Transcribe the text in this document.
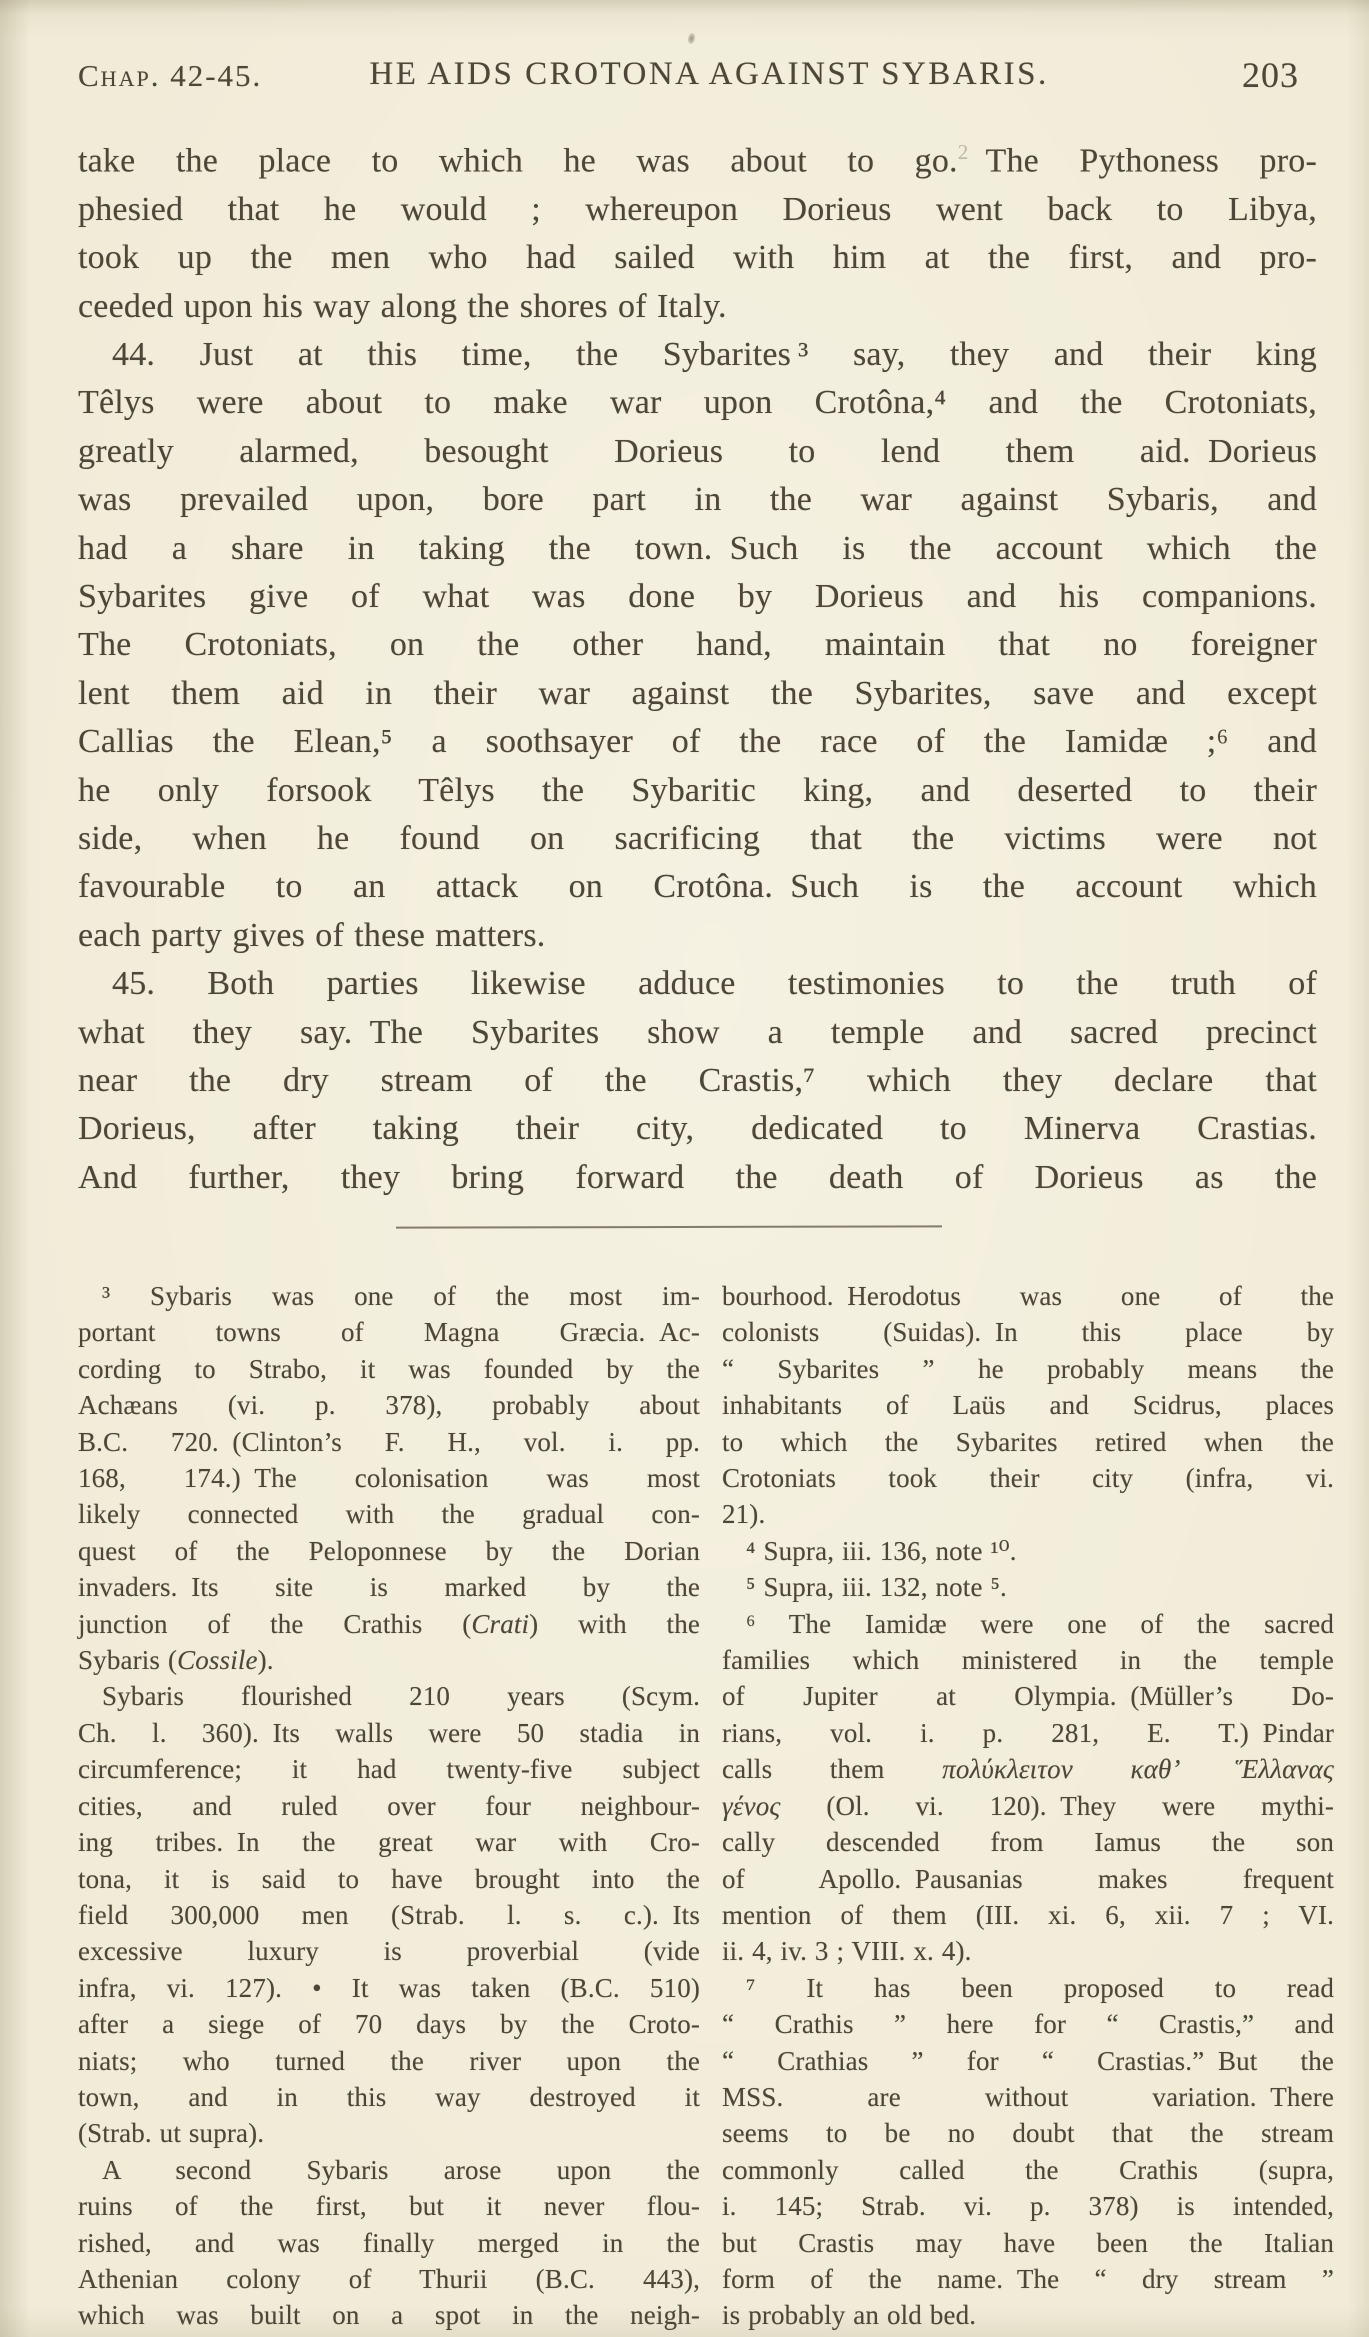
Chap. 42-45.	HE AIDS CROTONA AGAINST SYBARIS.	203
take the place to which he was about to go.$^2$ The Pythoness pro-
phesied that he would ; whereupon Dorieus went back to Libya,
took up the men who had sailed with him at the first, and pro-
ceeded upon his way along the shores of Italy.
44. Just at this time, the Sybarites ³ say, they and their king
Têlys were about to make war upon Crotôna,⁴ and the Crotoniats,
greatly alarmed, besought Dorieus to lend them aid. Dorieus
was prevailed upon, bore part in the war against Sybaris, and
had a share in taking the town. Such is the account which the
Sybarites give of what was done by Dorieus and his companions.
The Crotoniats, on the other hand, maintain that no foreigner
lent them aid in their war against the Sybarites, save and except
Callias the Elean,⁵ a soothsayer of the race of the Iamidæ ;⁶ and
he only forsook Têlys the Sybaritic king, and deserted to their
side, when he found on sacrificing that the victims were not
favourable to an attack on Crotôna. Such is the account which
each party gives of these matters.
45. Both parties likewise adduce testimonies to the truth of
what they say. The Sybarites show a temple and sacred precinct
near the dry stream of the Crastis,⁷ which they declare that
Dorieus, after taking their city, dedicated to Minerva Crastias.
And further, they bring forward the death of Dorieus as the
³ Sybaris was one of the most im-
portant towns of Magna Græcia. Ac-
cording to Strabo, it was founded by the
Achæans (vi. p. 378), probably about
B.C. 720. (Clinton’s F. H., vol. i. pp.
168, 174.) The colonisation was most
likely connected with the gradual con-
quest of the Peloponnese by the Dorian
invaders. Its site is marked by the
junction of the Crathis (Crati) with the
Sybaris (Cossile).
Sybaris flourished 210 years (Scym.
Ch. l. 360). Its walls were 50 stadia in
circumference; it had twenty-five subject
cities, and ruled over four neighbour-
ing tribes. In the great war with Cro-
tona, it is said to have brought into the
field 300,000 men (Strab. l. s. c.). Its
excessive luxury is proverbial (vide
infra, vi. 127). • It was taken (B.C. 510)
after a siege of 70 days by the Croto-
niats; who turned the river upon the
town, and in this way destroyed it
(Strab. ut supra).
A second Sybaris arose upon the
ruins of the first, but it never flou-
rished, and was finally merged in the
Athenian colony of Thurii (B.C. 443),
which was built on a spot in the neigh-
bourhood. Herodotus was one of the
colonists (Suidas). In this place by
“ Sybarites ” he probably means the
inhabitants of Laüs and Scidrus, places
to which the Sybarites retired when the
Crotoniats took their city (infra, vi.
21).
⁴ Supra, iii. 136, note ¹⁰.
⁵ Supra, iii. 132, note ⁵.
⁶ The Iamidæ were one of the sacred
families which ministered in the temple
of Jupiter at Olympia. (Müller’s Do-
rians, vol. i. p. 281, E. T.) Pindar
calls them πολύκλειτον καθ’ Ἕλλανας
γένος (Ol. vi. 120). They were mythi-
cally descended from Iamus the son
of Apollo. Pausanias makes frequent
mention of them (III. xi. 6, xii. 7 ; VI.
ii. 4, iv. 3 ; VIII. x. 4).
⁷ It has been proposed to read
“ Crathis ” here for “ Crastis,” and
“ Crathias ” for “ Crastias.” But the
MSS. are without variation. There
seems to be no doubt that the stream
commonly called the Crathis (supra,
i. 145; Strab. vi. p. 378) is intended,
but Crastis may have been the Italian
form of the name. The “ dry stream ”
is probably an old bed.
